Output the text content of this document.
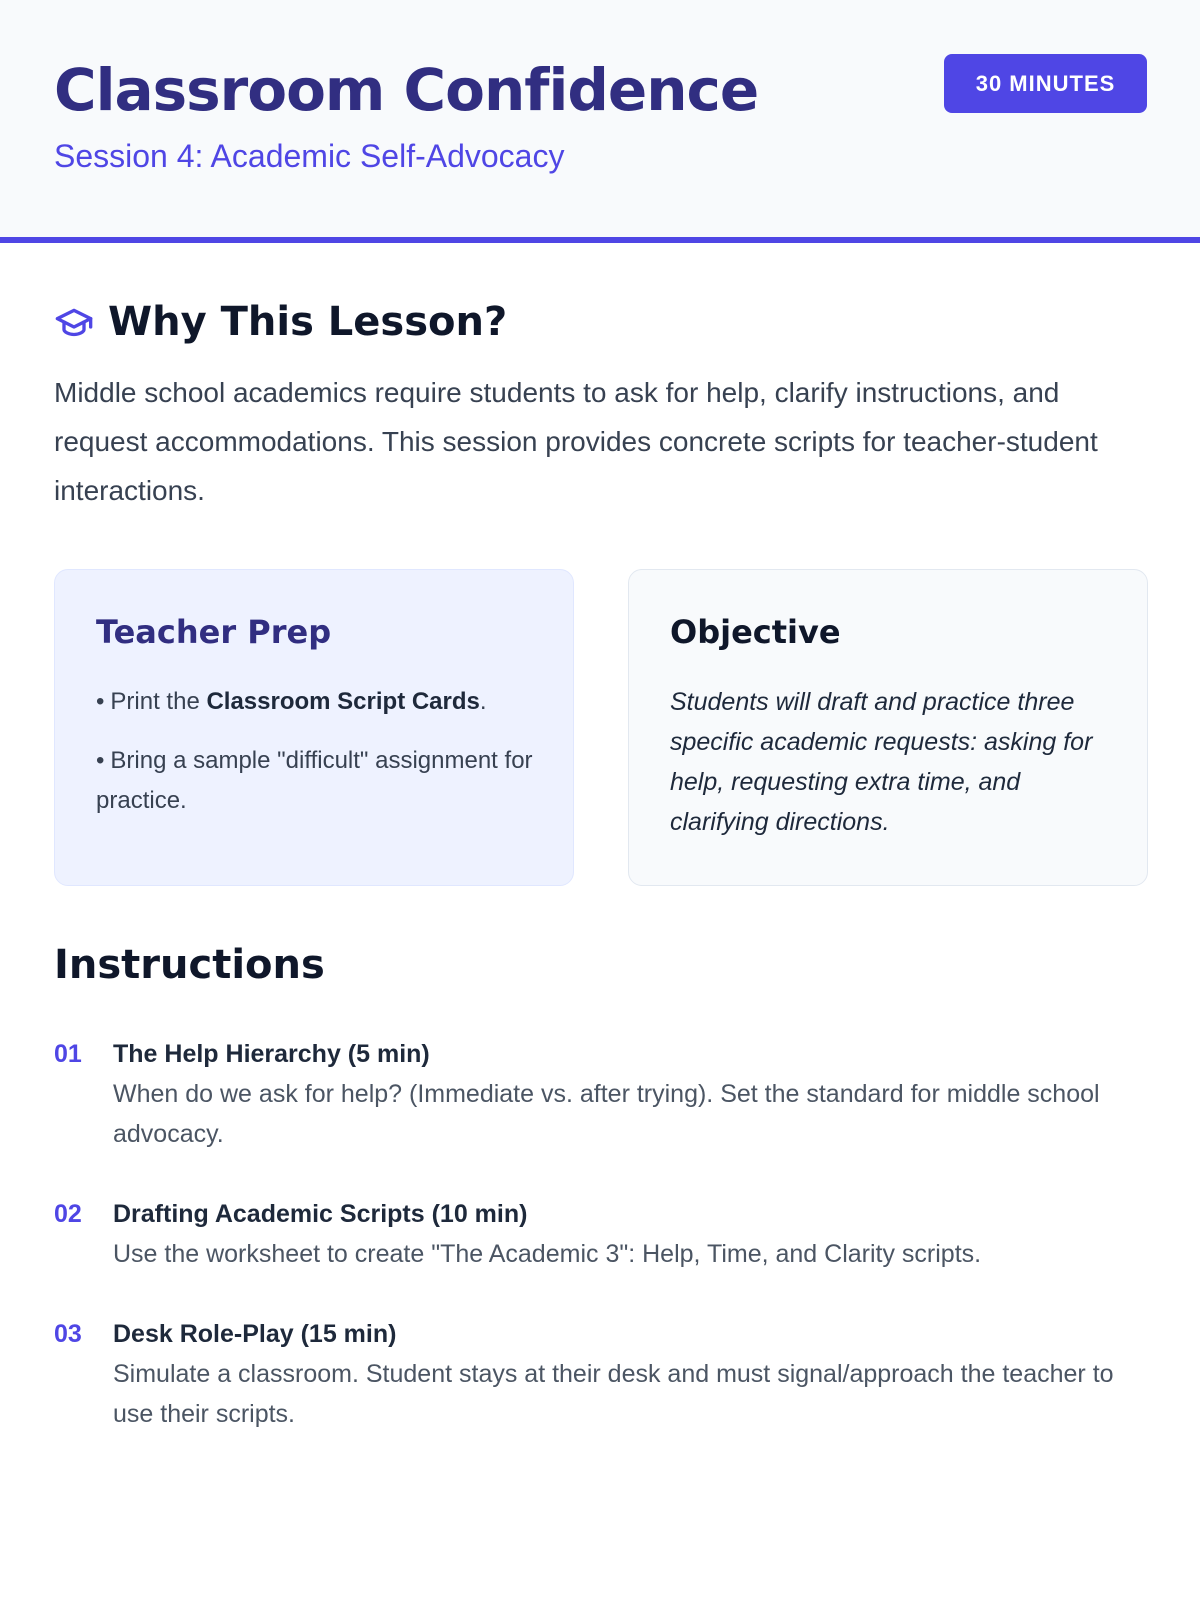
Classroom Confidence
Session 4: Academic Self-Advocacy
30 MINUTES
Why This Lesson?

Middle school academics require students to ask for help, clarify instructions, and request accommodations. This session provides concrete scripts for teacher-student interactions.

Teacher Prep
• Print the Classroom Script Cards.
• Bring a sample "difficult" assignment for practice.
Objective

Students will draft and practice three specific academic requests: asking for help, requesting extra time, and clarifying directions.

Instructions
01	The Help Hierarchy (5 min)
When do we ask for help? (Immediate vs. after trying). Set the standard for middle school advocacy.
02	Drafting Academic Scripts (10 min)
Use the worksheet to create "The Academic 3": Help, Time, and Clarity scripts.
03	Desk Role-Play (15 min)
Simulate a classroom. Student stays at their desk and must signal/approach the teacher to use their scripts.
